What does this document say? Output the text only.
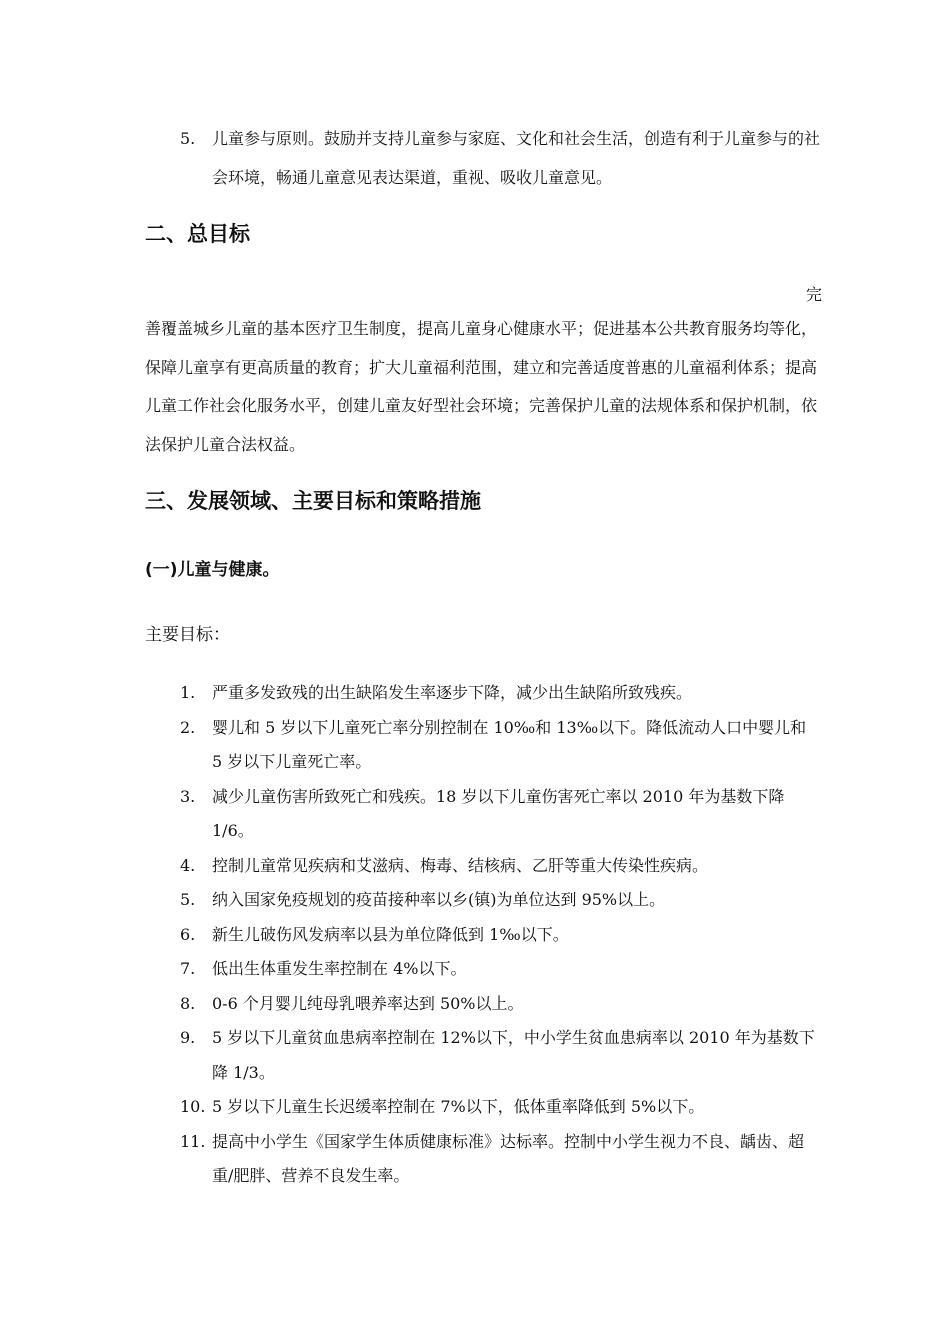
5.	儿童参与原则。鼓励并支持儿童参与家庭、文化和社会生活，创造有利于儿童参与的社会环境，畅通儿童意见表达渠道，重视、吸收儿童意见。
二、总目标
完
善覆盖城乡儿童的基本医疗卫生制度，提高儿童身心健康水平；促进基本公共教育服务均等化，保障儿童享有更高质量的教育；扩大儿童福利范围，建立和完善适度普惠的儿童福利体系；提高儿童工作社会化服务水平，创建儿童友好型社会环境；完善保护儿童的法规体系和保护机制，依法保护儿童合法权益。
三、发展领域、主要目标和策略措施
(一)儿童与健康。
主要目标：
1.	严重多发致残的出生缺陷发生率逐步下降，减少出生缺陷所致残疾。
2.	婴儿和 5 岁以下儿童死亡率分别控制在 10‰和 13‰以下。降低流动人口中婴儿和 5 岁以下儿童死亡率。
3.	减少儿童伤害所致死亡和残疾。18 岁以下儿童伤害死亡率以 2010 年为基数下降 1/6。
4.	控制儿童常见疾病和艾滋病、梅毒、结核病、乙肝等重大传染性疾病。
5.	纳入国家免疫规划的疫苗接种率以乡(镇)为单位达到 95%以上。
6.	新生儿破伤风发病率以县为单位降低到 1‰以下。
7.	低出生体重发生率控制在 4%以下。
8.	0-6 个月婴儿纯母乳喂养率达到 50%以上。
9.	5 岁以下儿童贫血患病率控制在 12%以下，中小学生贫血患病率以 2010 年为基数下降 1/3。
10. 5 岁以下儿童生长迟缓率控制在 7%以下，低体重率降低到 5%以下。
11. 提高中小学生《国家学生体质健康标准》达标率。控制中小学生视力不良、龋齿、超重/肥胖、营养不良发生率。
